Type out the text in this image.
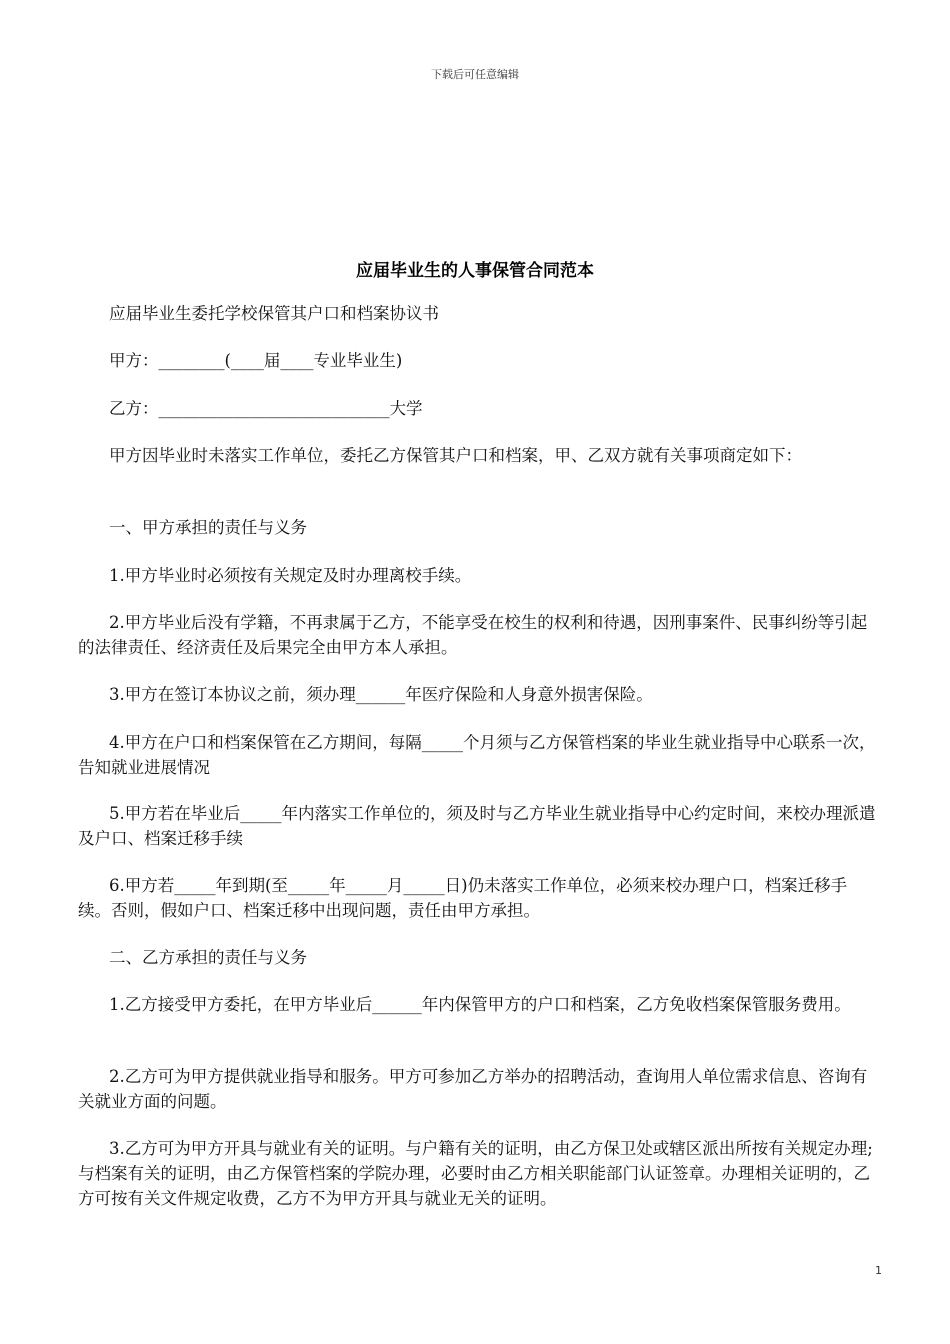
下载后可任意编辑
应届毕业生的人事保管合同范本

应届毕业生委托学校保管其户口和档案协议书

甲方：________(____届____专业毕业生)

乙方：____________________________大学

甲方因毕业时未落实工作单位，委托乙方保管其户口和档案，甲、乙双方就有关事项商定如下：

一、甲方承担的责任与义务

1.甲方毕业时必须按有关规定及时办理离校手续。

2.甲方毕业后没有学籍，不再隶属于乙方，不能享受在校生的权利和待遇，因刑事案件、民事纠纷等引起的法律责任、经济责任及后果完全由甲方本人承担。

3.甲方在签订本协议之前，须办理______年医疗保险和人身意外损害保险。

4.甲方在户口和档案保管在乙方期间，每隔_____个月须与乙方保管档案的毕业生就业指导中心联系一次，告知就业进展情况

5.甲方若在毕业后_____年内落实工作单位的，须及时与乙方毕业生就业指导中心约定时间，来校办理派遣及户口、档案迁移手续

6.甲方若_____年到期(至_____年_____月_____日)仍未落实工作单位，必须来校办理户口，档案迁移手续。否则，假如户口、档案迁移中出现问题，责任由甲方承担。

二、乙方承担的责任与义务

1.乙方接受甲方委托，在甲方毕业后______年内保管甲方的户口和档案，乙方免收档案保管服务费用。

2.乙方可为甲方提供就业指导和服务。甲方可参加乙方举办的招聘活动，查询用人单位需求信息、咨询有关就业方面的问题。

3.乙方可为甲方开具与就业有关的证明。与户籍有关的证明，由乙方保卫处或辖区派出所按有关规定办理;与档案有关的证明，由乙方保管档案的学院办理，必要时由乙方相关职能部门认证签章。办理相关证明的，乙方可按有关文件规定收费，乙方不为甲方开具与就业无关的证明。

1
